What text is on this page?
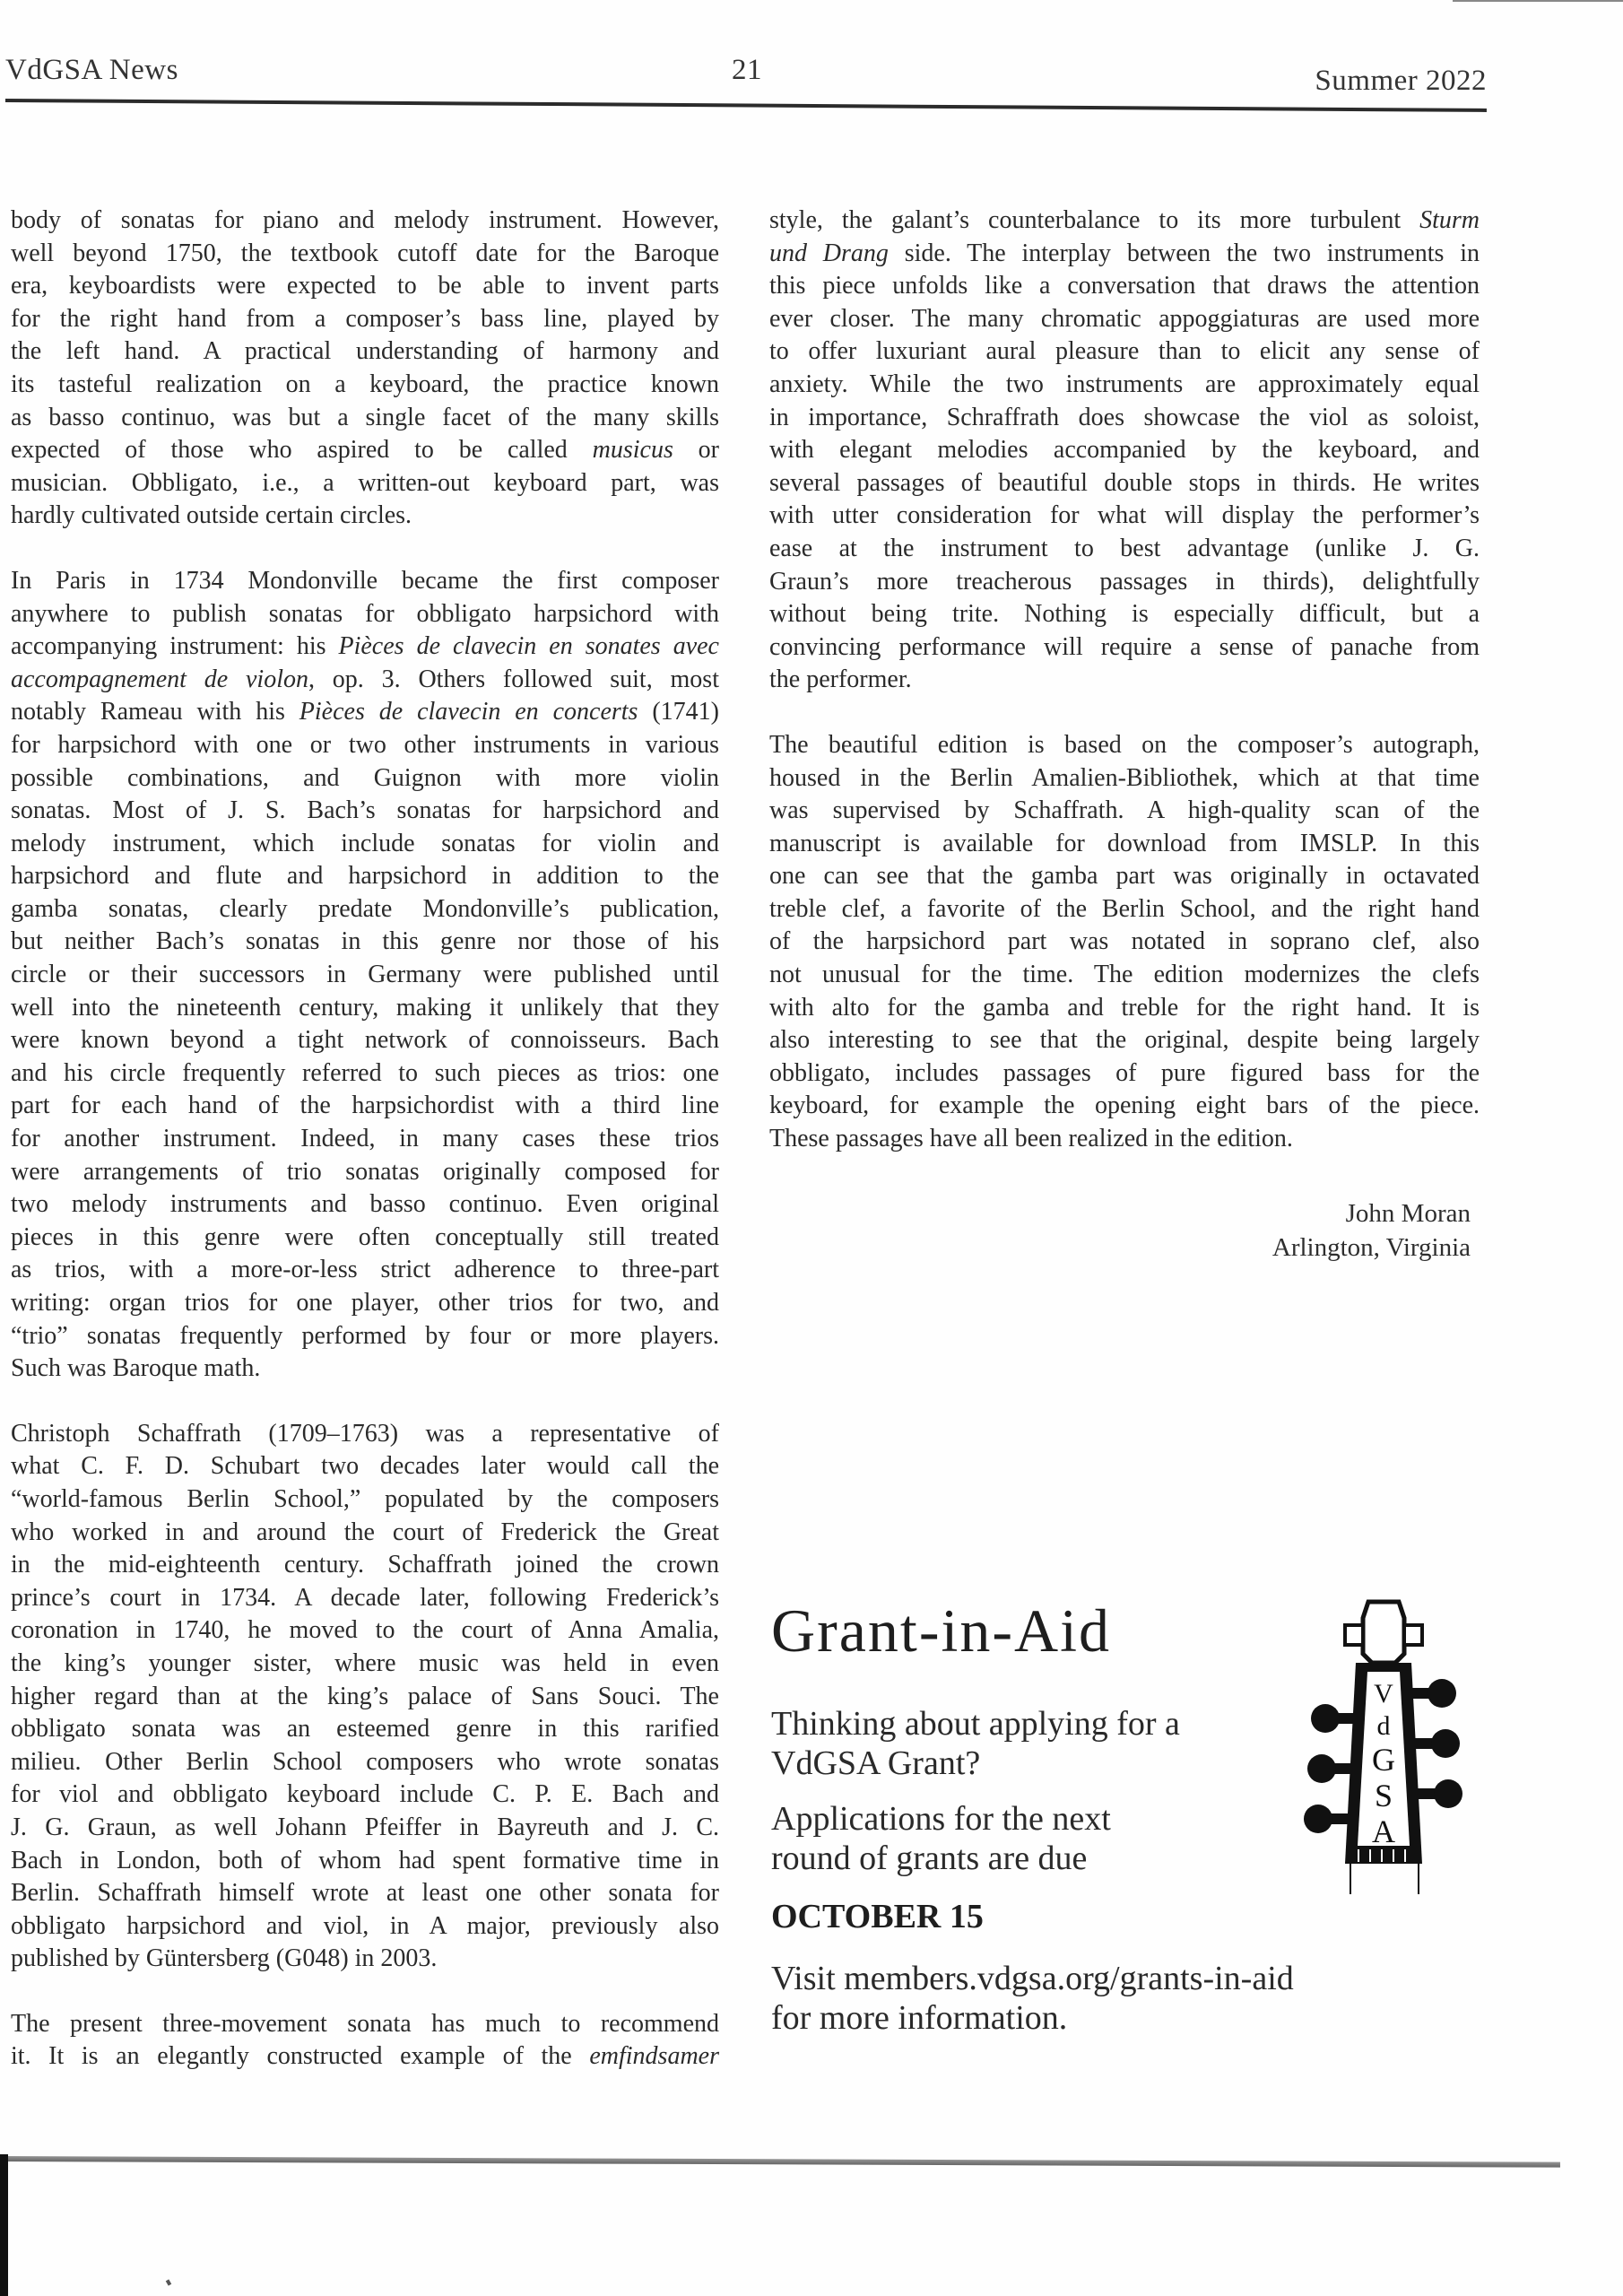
VdGSA News	21	Summer 2022
body of sonatas for piano and melody instrument. However,
well beyond 1750, the textbook cutoff date for the Baroque
era, keyboardists were expected to be able to invent parts
for the right hand from a composer’s bass line, played by
the left hand. A practical understanding of harmony and
its tasteful realization on a keyboard, the practice known
as basso continuo, was but a single facet of the many skills
expected of those who aspired to be called musicus or
musician. Obbligato, i.e., a written-out keyboard part, was
hardly cultivated outside certain circles.
In Paris in 1734 Mondonville became the first composer
anywhere to publish sonatas for obbligato harpsichord with
accompanying instrument: his Pièces de clavecin en sonates avec
accompagnement de violon, op. 3. Others followed suit, most
notably Rameau with his Pièces de clavecin en concerts (1741)
for harpsichord with one or two other instruments in various
possible combinations, and Guignon with more violin
sonatas. Most of J. S. Bach’s sonatas for harpsichord and
melody instrument, which include sonatas for violin and
harpsichord and flute and harpsichord in addition to the
gamba sonatas, clearly predate Mondonville’s publication,
but neither Bach’s sonatas in this genre nor those of his
circle or their successors in Germany were published until
well into the nineteenth century, making it unlikely that they
were known beyond a tight network of connoisseurs. Bach
and his circle frequently referred to such pieces as trios: one
part for each hand of the harpsichordist with a third line
for another instrument. Indeed, in many cases these trios
were arrangements of trio sonatas originally composed for
two melody instruments and basso continuo. Even original
pieces in this genre were often conceptually still treated
as trios, with a more-or-less strict adherence to three-part
writing: organ trios for one player, other trios for two, and
“trio” sonatas frequently performed by four or more players.
Such was Baroque math.
Christoph Schaffrath (1709–1763) was a representative of
what C. F. D. Schubart two decades later would call the
“world-famous Berlin School,” populated by the composers
who worked in and around the court of Frederick the Great
in the mid-eighteenth century. Schaffrath joined the crown
prince’s court in 1734. A decade later, following Frederick’s
coronation in 1740, he moved to the court of Anna Amalia,
the king’s younger sister, where music was held in even
higher regard than at the king’s palace of Sans Souci. The
obbligato sonata was an esteemed genre in this rarified
milieu. Other Berlin School composers who wrote sonatas
for viol and obbligato keyboard include C. P. E. Bach and
J. G. Graun, as well Johann Pfeiffer in Bayreuth and J. C.
Bach in London, both of whom had spent formative time in
Berlin. Schaffrath himself wrote at least one other sonata for
obbligato harpsichord and viol, in A major, previously also
published by Güntersberg (G048) in 2003.
The present three-movement sonata has much to recommend
it. It is an elegantly constructed example of the emfindsamer
style, the galant’s counterbalance to its more turbulent Sturm
und Drang side. The interplay between the two instruments in
this piece unfolds like a conversation that draws the attention
ever closer. The many chromatic appoggiaturas are used more
to offer luxuriant aural pleasure than to elicit any sense of
anxiety. While the two instruments are approximately equal
in importance, Schraffrath does showcase the viol as soloist,
with elegant melodies accompanied by the keyboard, and
several passages of beautiful double stops in thirds. He writes
with utter consideration for what will display the performer’s
ease at the instrument to best advantage (unlike J. G.
Graun’s more treacherous passages in thirds), delightfully
without being trite. Nothing is especially difficult, but a
convincing performance will require a sense of panache from
the performer.
The beautiful edition is based on the composer’s autograph,
housed in the Berlin Amalien-Bibliothek, which at that time
was supervised by Schaffrath. A high-quality scan of the
manuscript is available for download from IMSLP. In this
one can see that the gamba part was originally in octavated
treble clef, a favorite of the Berlin School, and the right hand
of the harpsichord part was notated in soprano clef, also
not unusual for the time. The edition modernizes the clefs
with alto for the gamba and treble for the right hand. It is
also interesting to see that the original, despite being largely
obbligato, includes passages of pure figured bass for the
keyboard, for example the opening eight bars of the piece.
These passages have all been realized in the edition.
John Moran
Arlington, Virginia
Grant-in-Aid
Thinking about applying for a
VdGSA Grant?
Applications for the next
round of grants are due
OCTOBER 15
Visit members.vdgsa.org/grants-in-aid
for more information.
V
d
G
S
A
